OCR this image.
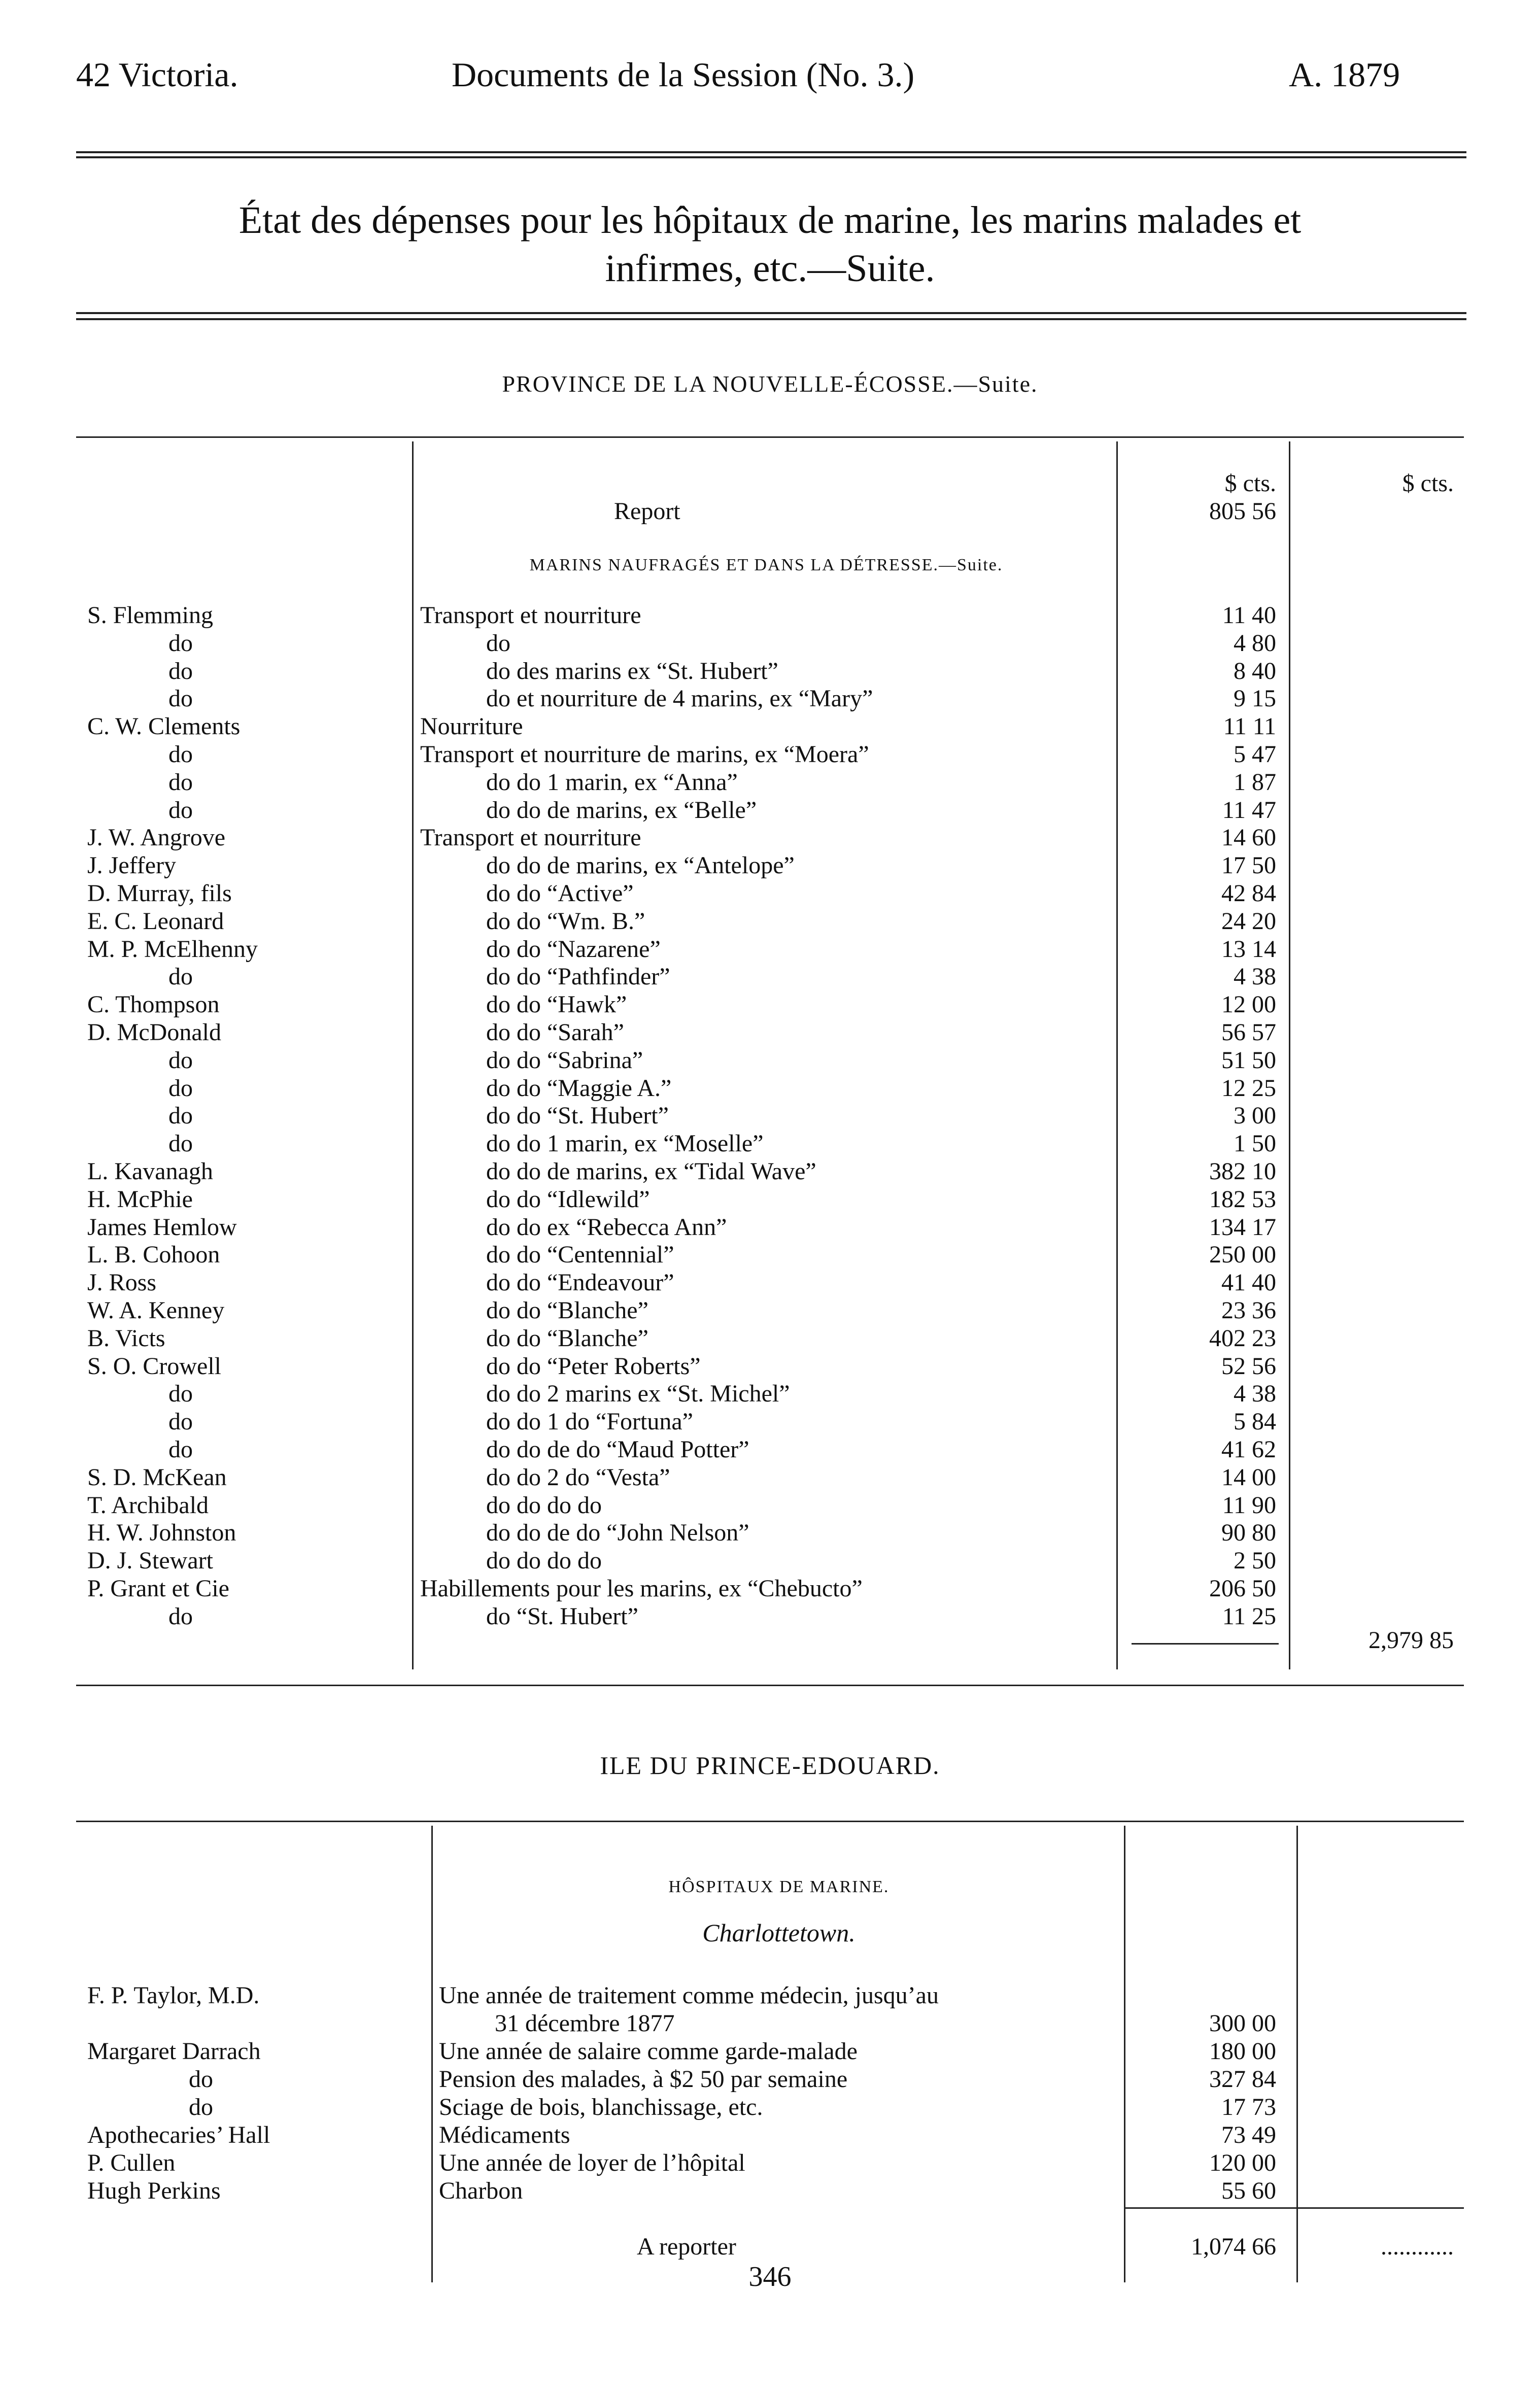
42 Victoria.	Documents de la Session (No. 3.)	A. 1879
État des dépenses pour les hôpitaux de marine, les marins malades et
infirmes, etc.—Suite.
PROVINCE DE LA NOUVELLE-ÉCOSSE.—Suite.
$ cts.	$ cts.
Report	805 56
MARINS NAUFRAGÉS ET DANS LA DÉTRESSE.—Suite.
S. Flemming	Transport et nourriture	11 40
do	do	4 80
do	do des marins ex “St. Hubert”	8 40
do	do et nourriture de 4 marins, ex “Mary”	9 15
C. W. Clements	Nourriture	11 11
do	Transport et nourriture de marins, ex “Moera”	5 47
do	do do 1 marin, ex “Anna”	1 87
do	do do de marins, ex “Belle”	11 47
J. W. Angrove	Transport et nourriture	14 60
J. Jeffery	do do de marins, ex “Antelope”	17 50
D. Murray, fils	do do “Active”	42 84
E. C. Leonard	do do “Wm. B.”	24 20
M. P. McElhenny	do do “Nazarene”	13 14
do	do do “Pathfinder”	4 38
C. Thompson	do do “Hawk”	12 00
D. McDonald	do do “Sarah”	56 57
do	do do “Sabrina”	51 50
do	do do “Maggie A.”	12 25
do	do do “St. Hubert”	3 00
do	do do 1 marin, ex “Moselle”	1 50
L. Kavanagh	do do de marins, ex “Tidal Wave”	382 10
H. McPhie	do do “Idlewild”	182 53
James Hemlow	do do ex “Rebecca Ann”	134 17
L. B. Cohoon	do do “Centennial”	250 00
J. Ross	do do “Endeavour”	41 40
W. A. Kenney	do do “Blanche”	23 36
B. Victs	do do “Blanche”	402 23
S. O. Crowell	do do “Peter Roberts”	52 56
do	do do 2 marins ex “St. Michel”	4 38
do	do do 1 do “Fortuna”	5 84
do	do do de do “Maud Potter”	41 62
S. D. McKean	do do 2 do “Vesta”	14 00
T. Archibald	do do do do	11 90
H. W. Johnston	do do de do “John Nelson”	90 80
D. J. Stewart	do do do do	2 50
P. Grant et Cie	Habillements pour les marins, ex “Chebucto”	206 50
do	do “St. Hubert”	11 25
2,979 85
ILE DU PRINCE-EDOUARD.
HÔSPITAUX DE MARINE.
Charlottetown.
F. P. Taylor, M.D.	Une année de traitement comme médecin, jusqu’au
31 décembre 1877	300 00
Margaret Darrach	Une année de salaire comme garde-malade	180 00
do	Pension des malades, à $2 50 par semaine	327 84
do	Sciage de bois, blanchissage, etc.	17 73
Apothecaries’ Hall	Médicaments	73 49
P. Cullen	Une année de loyer de l’hôpital	120 00
Hugh Perkins	Charbon	55 60
A reporter	1,074 66	............
346
